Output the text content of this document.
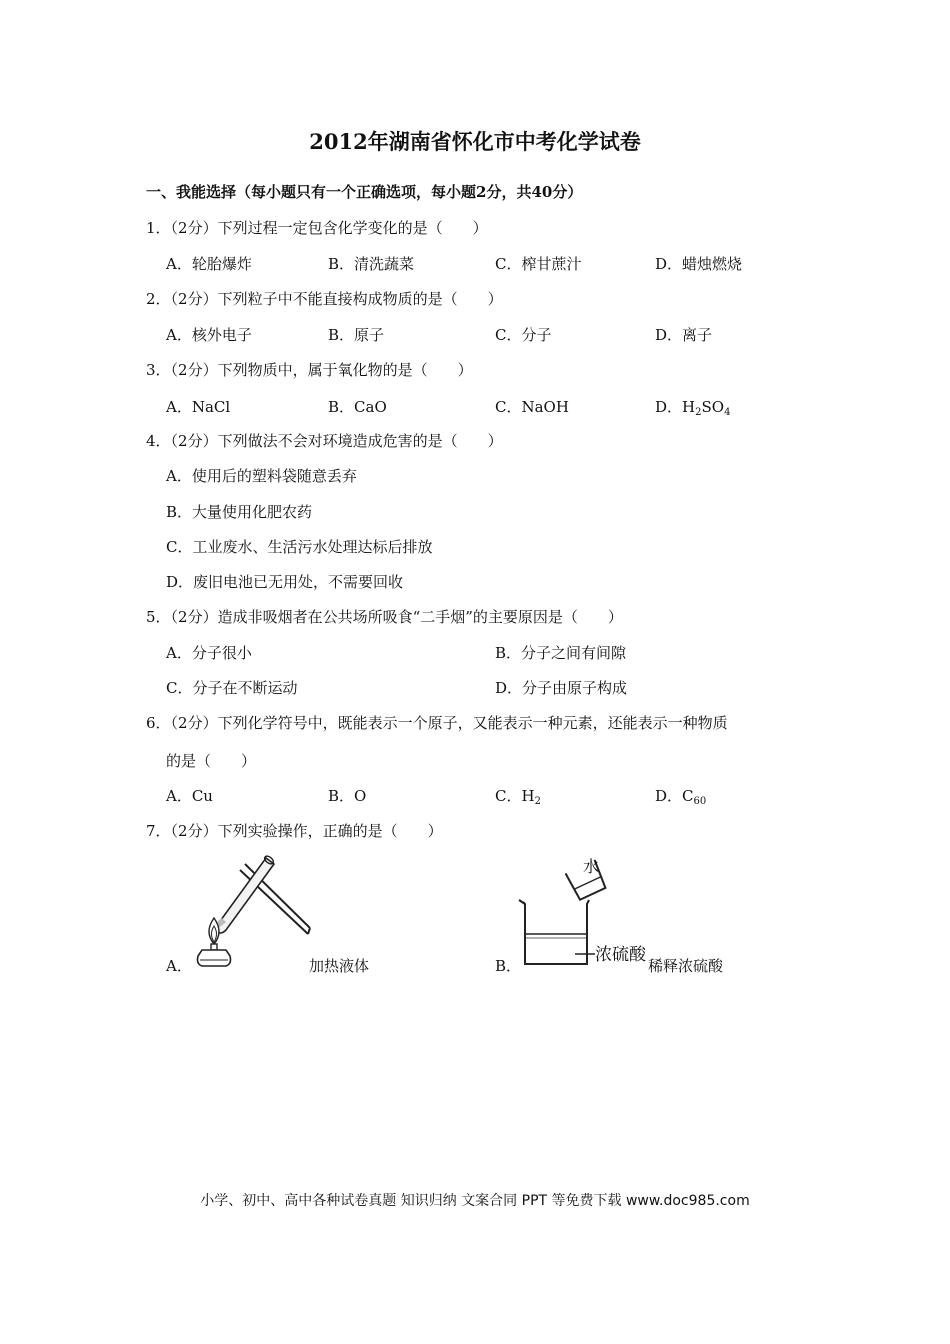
2012年湖南省怀化市中考化学试卷
一、我能选择（每小题只有一个正确选项，每小题2分，共40分）
1．（2分）下列过程一定包含化学变化的是（　　）
A．轮胎爆炸	B．清洗蔬菜	C．榨甘蔗汁	D．蜡烛燃烧
2．（2分）下列粒子中不能直接构成物质的是（　　）
A．核外电子	B．原子	C．分子	D．离子
3．（2分）下列物质中，属于氧化物的是（　　）
A．NaCl	B．CaO	C．NaOH	D．$H_2SO_4$
4．（2分）下列做法不会对环境造成危害的是（　　）
A．使用后的塑料袋随意丢弃
B．大量使用化肥农药
C．工业废水、生活污水处理达标后排放
D．废旧电池已无用处，不需要回收
5．（2分）造成非吸烟者在公共场所吸食“二手烟”的主要原因是（　　）
A．分子很小	B．分子之间有间隙
C．分子在不断运动	D．分子由原子构成
6．（2分）下列化学符号中，既能表示一个原子，又能表示一种元素，还能表示一种物质
的是（　　）
A．Cu	B．O	C．$H_2$	D．$C_{60}$
7．（2分）下列实验操作，正确的是（　　）
A．	加热液体	B．
水
浓硫酸
稀释浓硫酸
小学、初中、高中各种试卷真题 知识归纳 文案合同 PPT 等免费下载 www.doc985.com
